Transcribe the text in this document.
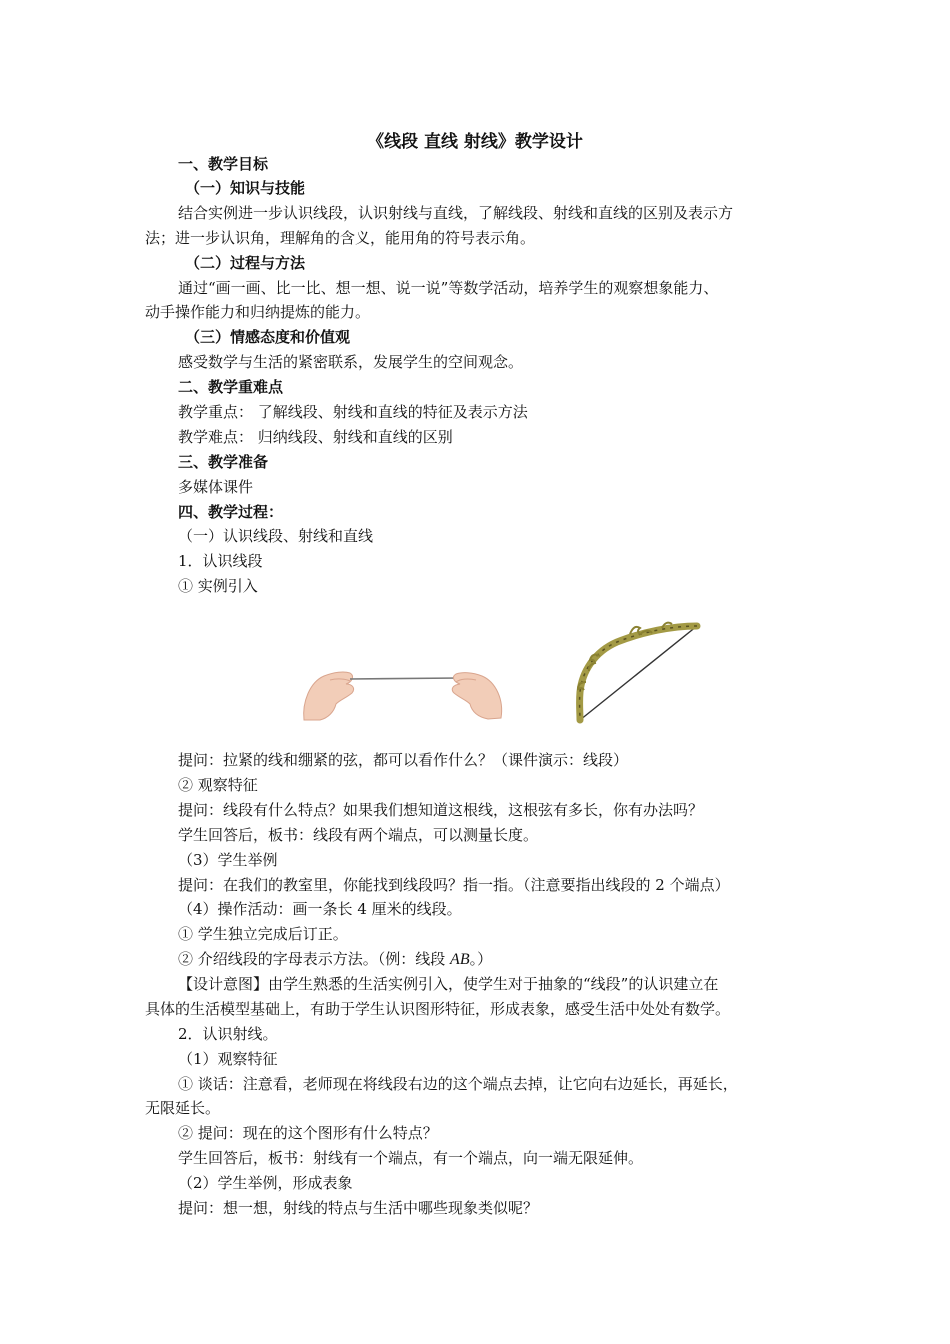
《线段 直线 射线》教学设计
一、教学目标
（一）知识与技能
结合实例进一步认识线段，认识射线与直线，了解线段、射线和直线的区别及表示方
法；进一步认识角，理解角的含义，能用角的符号表示角。
（二）过程与方法
通过“画一画、比一比、想一想、说一说”等数学活动，培养学生的观察想象能力、
动手操作能力和归纳提炼的能力。
（三）情感态度和价值观
感受数学与生活的紧密联系，发展学生的空间观念。
二、教学重难点
教学重点： 了解线段、射线和直线的特征及表示方法
教学难点： 归纳线段、射线和直线的区别
三、教学准备
多媒体课件
四、教学过程：
（一）认识线段、射线和直线
1．认识线段
① 实例引入
提问：拉紧的线和绷紧的弦，都可以看作什么？（课件演示：线段）
② 观察特征
提问：线段有什么特点？如果我们想知道这根线，这根弦有多长，你有办法吗？
学生回答后，板书：线段有两个端点，可以测量长度。
（3）学生举例
提问：在我们的教室里，你能找到线段吗？指一指。（注意要指出线段的 2 个端点）
（4）操作活动：画一条长 4 厘米的线段。
① 学生独立完成后订正。
② 介绍线段的字母表示方法。（例：线段 AB。）
【设计意图】由学生熟悉的生活实例引入，使学生对于抽象的“线段”的认识建立在
具体的生活模型基础上，有助于学生认识图形特征，形成表象，感受生活中处处有数学。
2．认识射线。
（1）观察特征
① 谈话：注意看，老师现在将线段右边的这个端点去掉，让它向右边延长，再延长，
无限延长。
② 提问：现在的这个图形有什么特点？
学生回答后，板书：射线有一个端点，有一个端点，向一端无限延伸。
（2）学生举例，形成表象
提问：想一想，射线的特点与生活中哪些现象类似呢？
